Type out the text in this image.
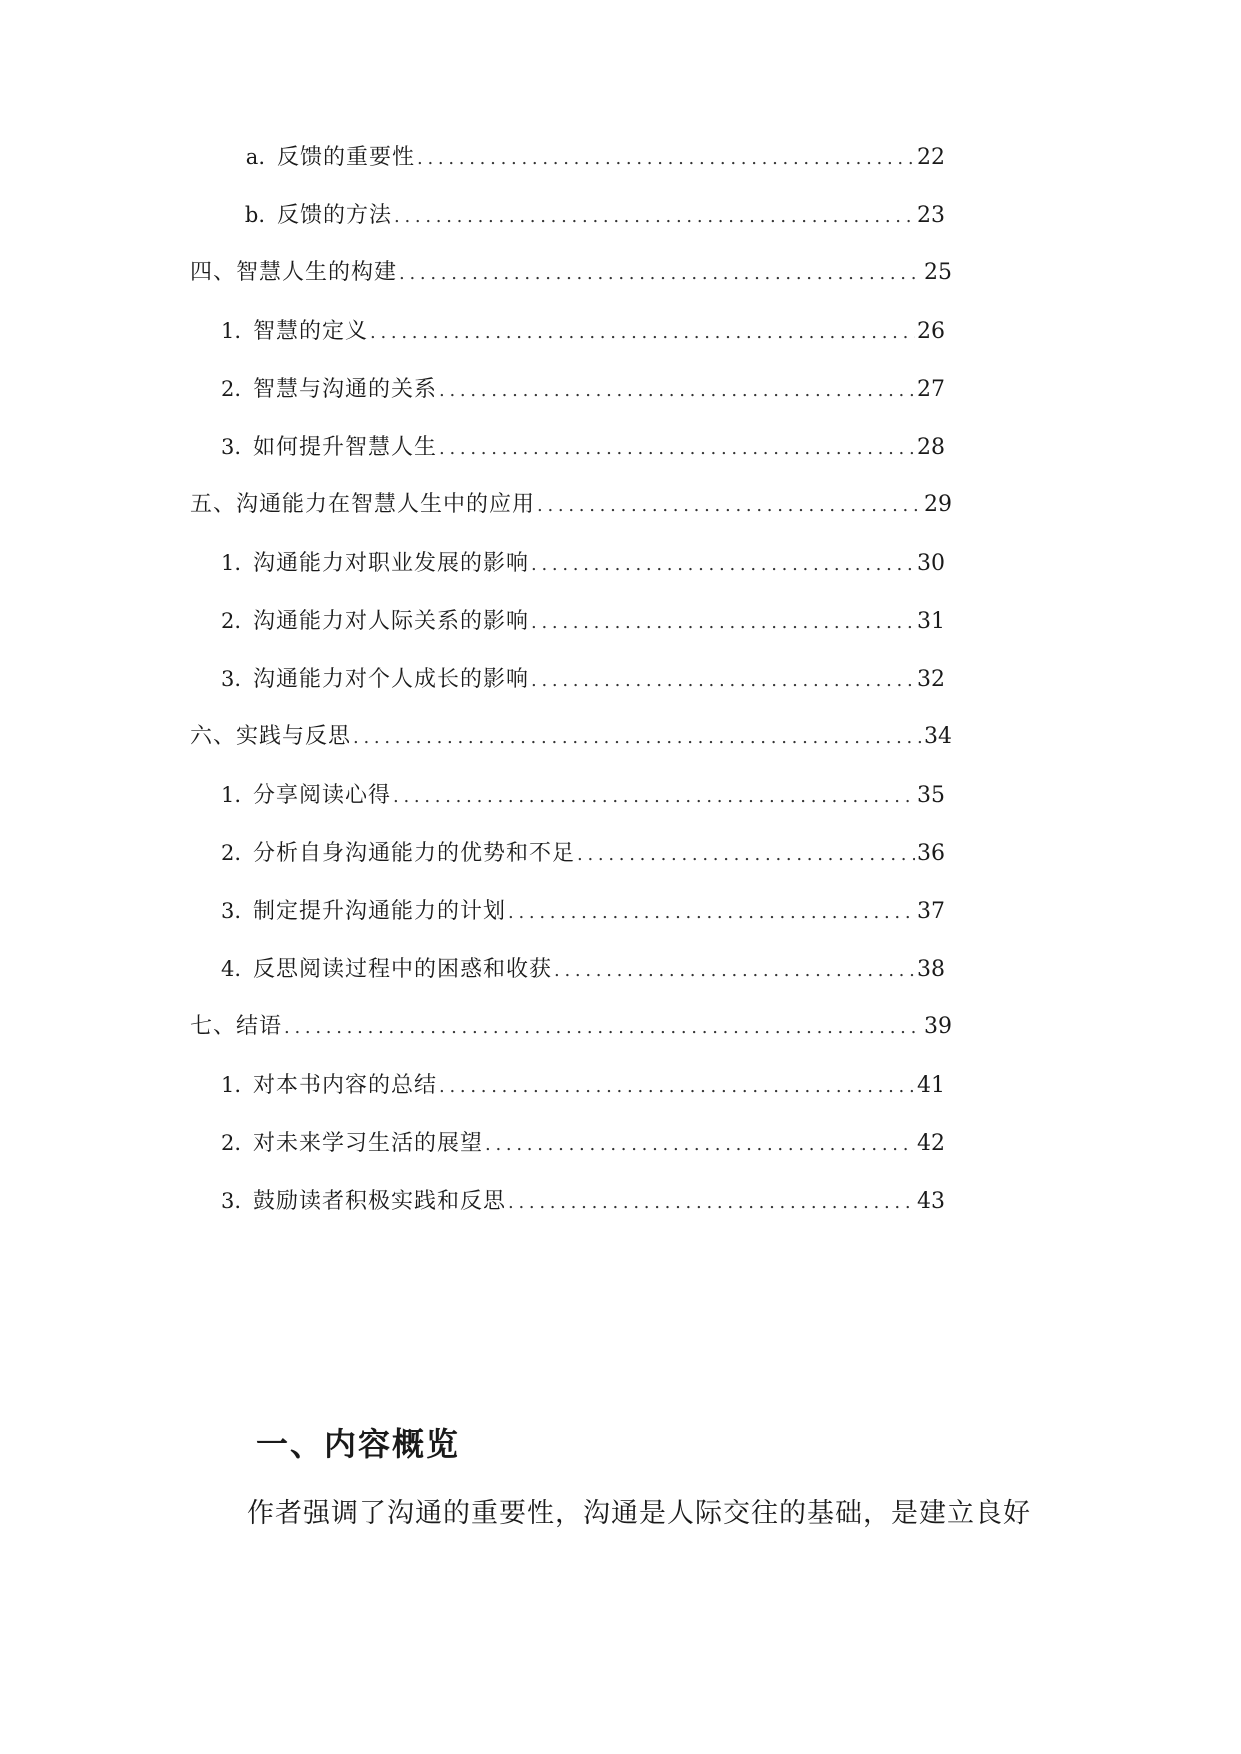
a. 反馈的重要性 . . .	22
b. 反馈的方法 . . .	23
四、智慧人生的构建 . . .	25
1. 智慧的定义 . . .	26
2. 智慧与沟通的关系 . . .	27
3. 如何提升智慧人生 . . .	28
五、沟通能力在智慧人生中的应用 . . .	29
1. 沟通能力对职业发展的影响 . . .	30
2. 沟通能力对人际关系的影响 . . .	31
3. 沟通能力对个人成长的影响 . . .	32
六、实践与反思 . . .	34
1. 分享阅读心得 . . .	35
2. 分析自身沟通能力的优势和不足 . . .	36
3. 制定提升沟通能力的计划 . . .	37
4. 反思阅读过程中的困惑和收获 . . .	38
七、结语 . . .	39
1. 对本书内容的总结 . . .	41
2. 对未来学习生活的展望 . . .	42
3. 鼓励读者积极实践和反思 . . .	43
一、内容概览

作者强调了沟通的重要性，沟通是人际交往的基础，是建立良好
